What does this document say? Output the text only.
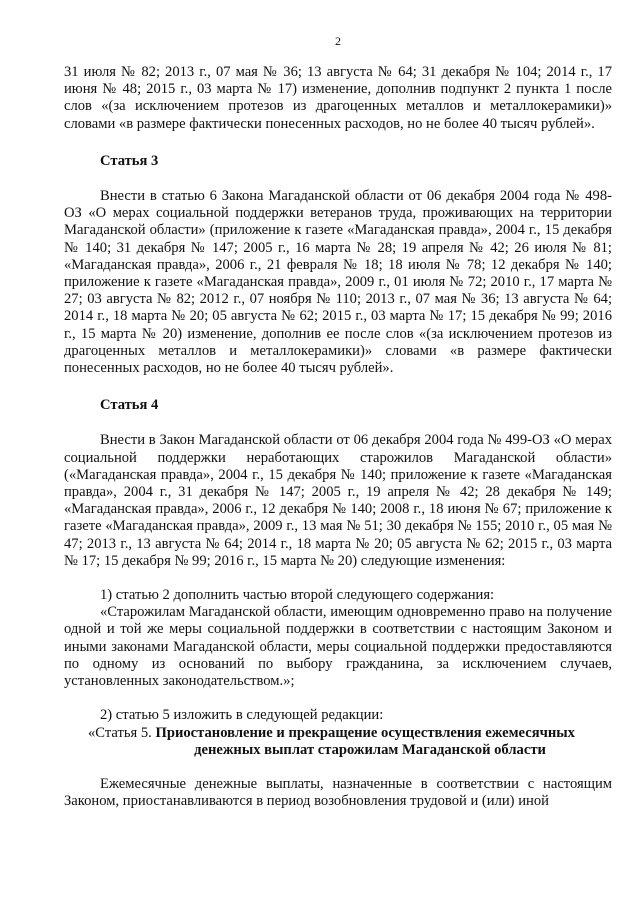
2

31 июля № 82; 2013 г., 07 мая № 36; 13 августа № 64; 31 декабря № 104; 2014 г., 17 июня № 48; 2015 г., 03 марта № 17) изменение, дополнив подпункт 2 пункта 1 после слов «(за исключением протезов из драгоценных металлов и металлокерамики)» словами «в размере фактически понесенных расходов, но не более 40 тысяч рублей».

Статья 3

Внести в статью 6 Закона Магаданской области от 06 декабря 2004 года № 498-ОЗ «О мерах социальной поддержки ветеранов труда, проживающих на территории Магаданской области» (приложение к газете «Магаданская правда», 2004 г., 15 декабря № 140; 31 декабря № 147; 2005 г., 16 марта № 28; 19 апреля № 42; 26 июля № 81; «Магаданская правда», 2006 г., 21 февраля № 18; 18 июля № 78; 12 декабря № 140; приложение к газете «Магаданская правда», 2009 г., 01 июля № 72; 2010 г., 17 марта № 27; 03 августа № 82; 2012 г., 07 ноября № 110; 2013 г., 07 мая № 36; 13 августа № 64; 2014 г., 18 марта № 20; 05 августа № 62; 2015 г., 03 марта № 17; 15 декабря № 99; 2016 г., 15 марта № 20) изменение, дополнив ее после слов «(за исключением протезов из драгоценных металлов и металлокерамики)» словами «в размере фактически понесенных расходов, но не более 40 тысяч рублей».

Статья 4

Внести в Закон Магаданской области от 06 декабря 2004 года № 499-ОЗ «О мерах социальной поддержки неработающих старожилов Магаданской области» («Магаданская правда», 2004 г., 15 декабря № 140; приложение к газете «Магаданская правда», 2004 г., 31 декабря № 147; 2005 г., 19 апреля № 42; 28 декабря № 149; «Магаданская правда», 2006 г., 12 декабря № 140; 2008 г., 18 июня № 67; приложение к газете «Магаданская правда», 2009 г., 13 мая № 51; 30 декабря № 155; 2010 г., 05 мая № 47; 2013 г., 13 августа № 64; 2014 г., 18 марта № 20; 05 августа № 62; 2015 г., 03 марта № 17; 15 декабря № 99; 2016 г., 15 марта № 20) следующие изменения:

1) статью 2 дополнить частью второй следующего содержания:

«Старожилам Магаданской области, имеющим одновременно право на получение одной и той же меры социальной поддержки в соответствии с настоящим Законом и иными законами Магаданской области, меры социальной поддержки предоставляются по одному из оснований по выбору гражданина, за исключением случаев, установленных законодательством.»;

2) статью 5 изложить в следующей редакции:

«Статья 5. Приостановление и прекращение осуществления ежемесячных
денежных выплат старожилам Магаданской области

Ежемесячные денежные выплаты, назначенные в соответствии с настоящим Законом, приостанавливаются в период возобновления трудовой и (или) иной
